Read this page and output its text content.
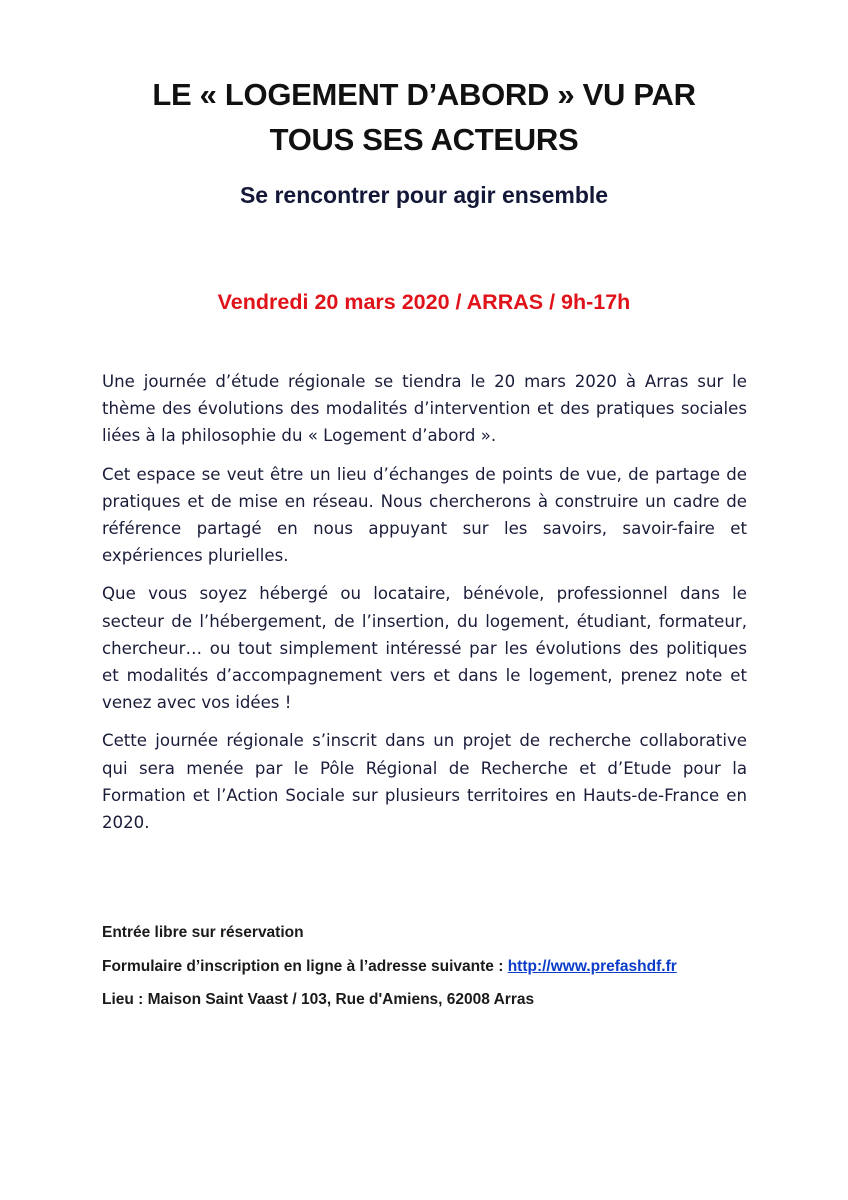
LE « LOGEMENT D’ABORD » VU PAR
TOUS SES ACTEURS
Se rencontrer pour agir ensemble
Vendredi 20 mars 2020 / ARRAS / 9h-17h

Une journée d’étude régionale se tiendra le 20 mars 2020 à Arras sur le thème des évolutions des modalités d’intervention et des pratiques sociales liées à la philosophie du « Logement d’abord ».

Cet espace se veut être un lieu d’échanges de points de vue, de partage de pratiques et de mise en réseau. Nous chercherons à construire un cadre de référence partagé en nous appuyant sur les savoirs, savoir-faire et expériences plurielles.

Que vous soyez hébergé ou locataire, bénévole, professionnel dans le secteur de l’hébergement, de l’insertion, du logement, étudiant, formateur, chercheur… ou tout simplement intéressé par les évolutions des politiques et modalités d’accompagnement vers et dans le logement, prenez note et venez avec vos idées !

Cette journée régionale s’inscrit dans un projet de recherche collaborative qui sera menée par le Pôle Régional de Recherche et d’Etude pour la Formation et l’Action Sociale sur plusieurs territoires en Hauts-de-France en 2020.

Entrée libre sur réservation
Formulaire d’inscription en ligne à l’adresse suivante : http://www.prefashdf.fr
Lieu : Maison Saint Vaast / 103, Rue d'Amiens, 62008 Arras
